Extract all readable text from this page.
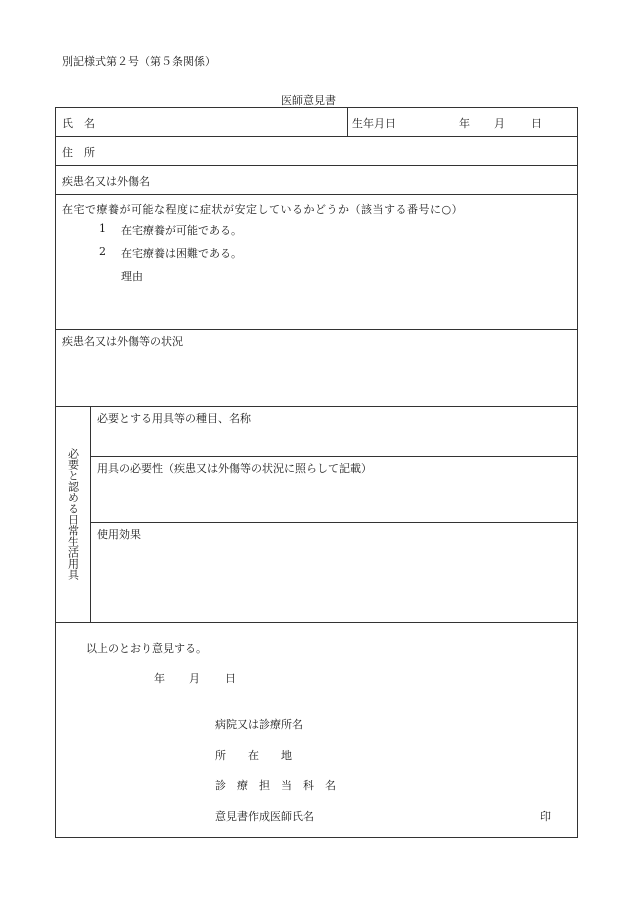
別記様式第２号（第５条関係）
医師意見書
氏　名	生年月日	年 月 日
住　所
疾患名又は外傷名
在宅で療養が可能な程度に症状が安定しているかどうか（該当する番号に○）
1 在宅療養が可能である。
2 在宅療養は困難である。
理由
疾患名又は外傷等の状況
必要と認める日常生活用具
必要とする用具等の種目、名称
用具の必要性（疾患又は外傷等の状況に照らして記載）
使用効果
以上のとおり意見する。
年 月 日
病院又は診療所名
所　　在　　地
診　療　担　当　科　名
意見書作成医師氏名	印
